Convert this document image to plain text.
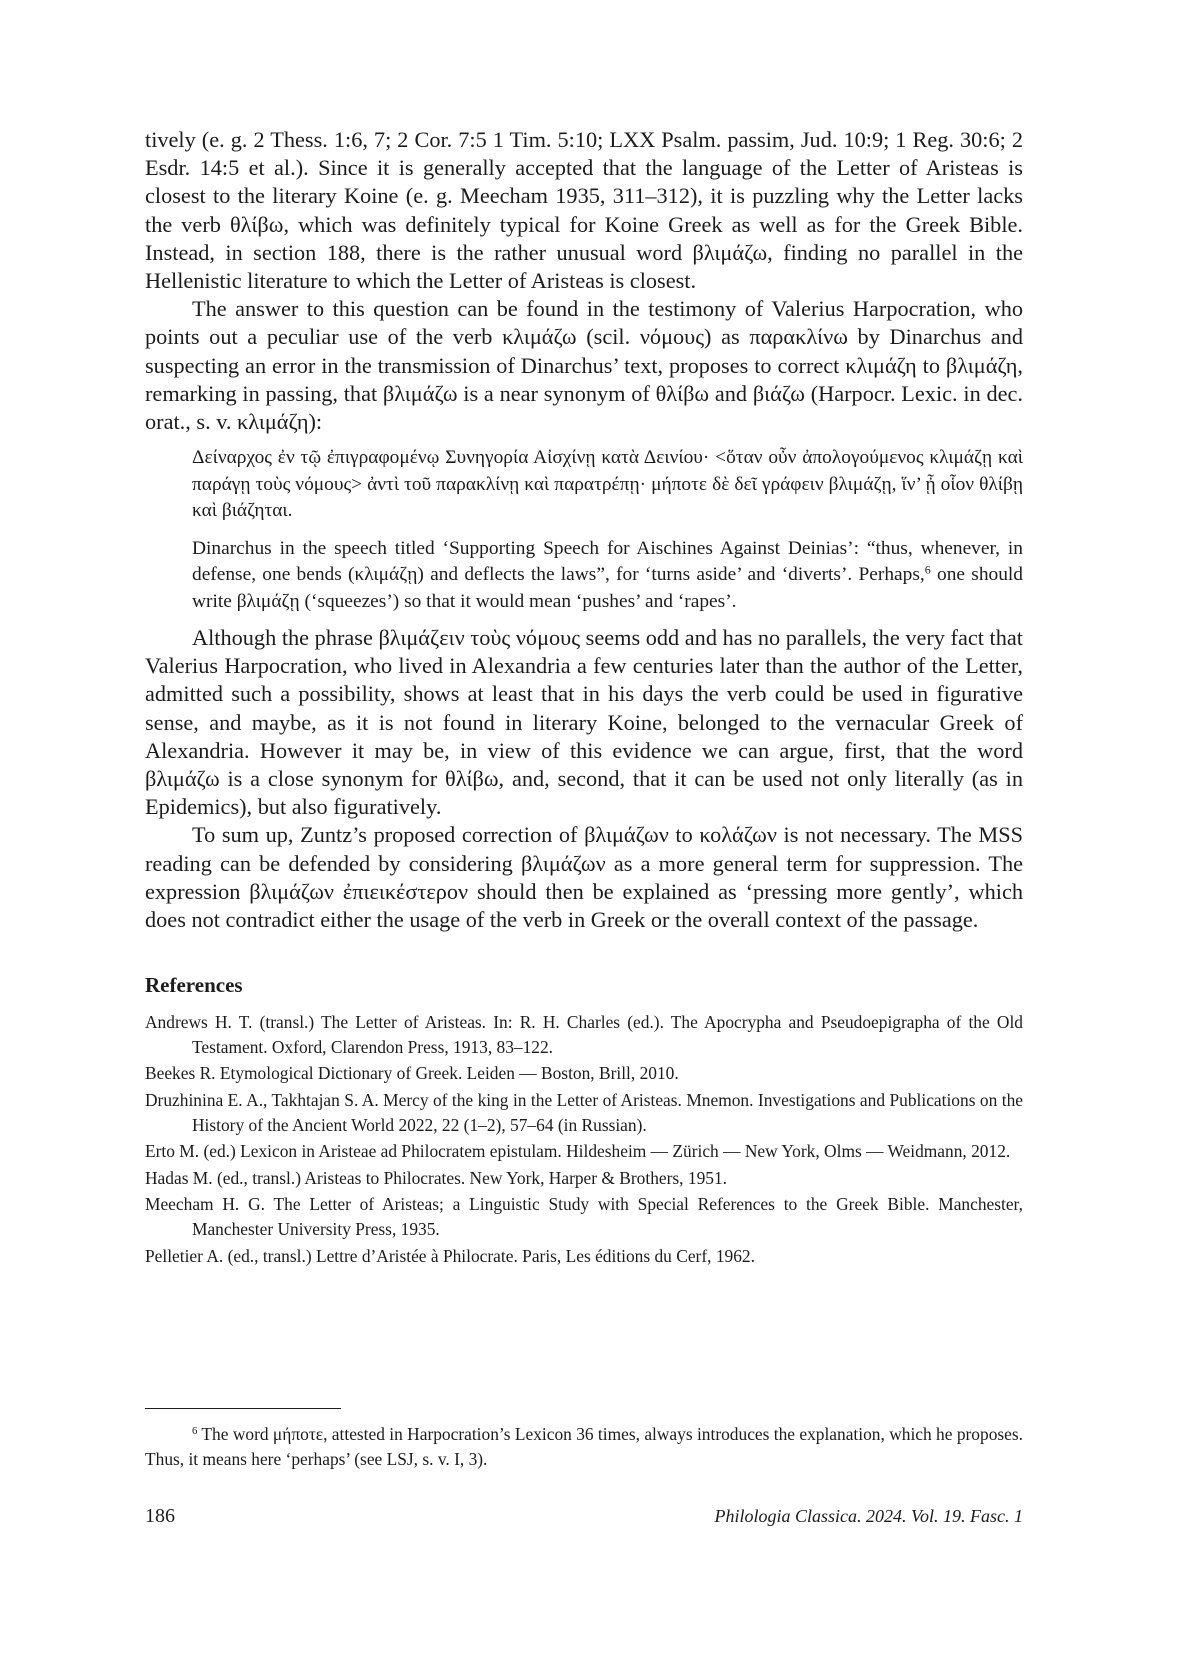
tively (e. g. 2 Thess. 1:6, 7; 2 Cor. 7:5 1 Tim. 5:10; LXX Psalm. passim, Jud. 10:9; 1 Reg. 30:6; 2 Esdr. 14:5 et al.). Since it is generally accepted that the language of the Letter of Aristeas is closest to the literary Koine (e. g. Meecham 1935, 311–312), it is puzzling why the Letter lacks the verb θλίβω, which was definitely typical for Koine Greek as well as for the Greek Bible. Instead, in section 188, there is the rather unusual word βλιμάζω, finding no parallel in the Hellenistic literature to which the Letter of Aristeas is closest.

The answer to this question can be found in the testimony of Valerius Harpocration, who points out a peculiar use of the verb κλιμάζω (scil. νόμους) as παρακλίνω by Dinarchus and suspecting an error in the transmission of Dinarchus’ text, proposes to correct κλιμάζη to βλιμάζη, remarking in passing, that βλιμάζω is a near synonym of θλίβω and βιάζω (Harpocr. Lexic. in dec. orat., s. v. κλιμάζη):

Δείναρχος ἐν τῷ ἐπιγραφομένῳ Συνηγορία Αἰσχίνῃ κατὰ Δεινίου· <ὅταν οὖν ἀπολογούμενος κλιμάζῃ καὶ παράγῃ τοὺς νόμους> ἀντὶ τοῦ παρακλίνῃ καὶ παρατρέπῃ· μήποτε δὲ δεῖ γράφειν βλιμάζῃ, ἵν’ ᾖ οἷον θλίβῃ καὶ βιάζηται.

Dinarchus in the speech titled ‘Supporting Speech for Aischines Against Deinias’: “thus, whenever, in defense, one bends (κλιμάζῃ) and deflects the laws”, for ‘turns aside’ and ‘diverts’. Perhaps,$^6$ one should write βλιμάζῃ (‘squeezes’) so that it would mean ‘pushes’ and ‘rapes’.

Although the phrase βλιμάζειν τοὺς νόμους seems odd and has no parallels, the very fact that Valerius Harpocration, who lived in Alexandria a few centuries later than the author of the Letter, admitted such a possibility, shows at least that in his days the verb could be used in figurative sense, and maybe, as it is not found in literary Koine, belonged to the vernacular Greek of Alexandria. However it may be, in view of this evidence we can argue, first, that the word βλιμάζω is a close synonym for θλίβω, and, second, that it can be used not only literally (as in Epidemics), but also figuratively.

To sum up, Zuntz’s proposed correction of βλιμάζων to κολάζων is not necessary. The MSS reading can be defended by considering βλιμάζων as a more general term for suppression. The expression βλιμάζων ἐπιεικέστερον should then be explained as ‘pressing more gently’, which does not contradict either the usage of the verb in Greek or the overall context of the passage.

References

Andrews H. T. (transl.) The Letter of Aristeas. In: R. H. Charles (ed.). The Apocrypha and Pseudoepigrapha of the Old Testament. Oxford, Clarendon Press, 1913, 83–122.

Beekes R. Etymological Dictionary of Greek. Leiden — Boston, Brill, 2010.

Druzhinina E. A., Takhtajan S. A. Mercy of the king in the Letter of Aristeas. Mnemon. Investigations and Publications on the History of the Ancient World 2022, 22 (1–2), 57–64 (in Russian).

Erto M. (ed.) Lexicon in Aristeae ad Philocratem epistulam. Hildesheim — Zürich — New York, Olms — Weidmann, 2012.

Hadas M. (ed., transl.) Aristeas to Philocrates. New York, Harper & Brothers, 1951.

Meecham H. G. The Letter of Aristeas; a Linguistic Study with Special References to the Greek Bible. Manchester, Manchester University Press, 1935.

Pelletier A. (ed., transl.) Lettre d’Aristée à Philocrate. Paris, Les éditions du Cerf, 1962.

$^6$ The word μήποτε, attested in Harpocration’s Lexicon 36 times, always introduces the explanation, which he proposes. Thus, it means here ‘perhaps’ (see LSJ, s. v. I, 3).
186	Philologia Classica. 2024. Vol. 19. Fasc. 1
